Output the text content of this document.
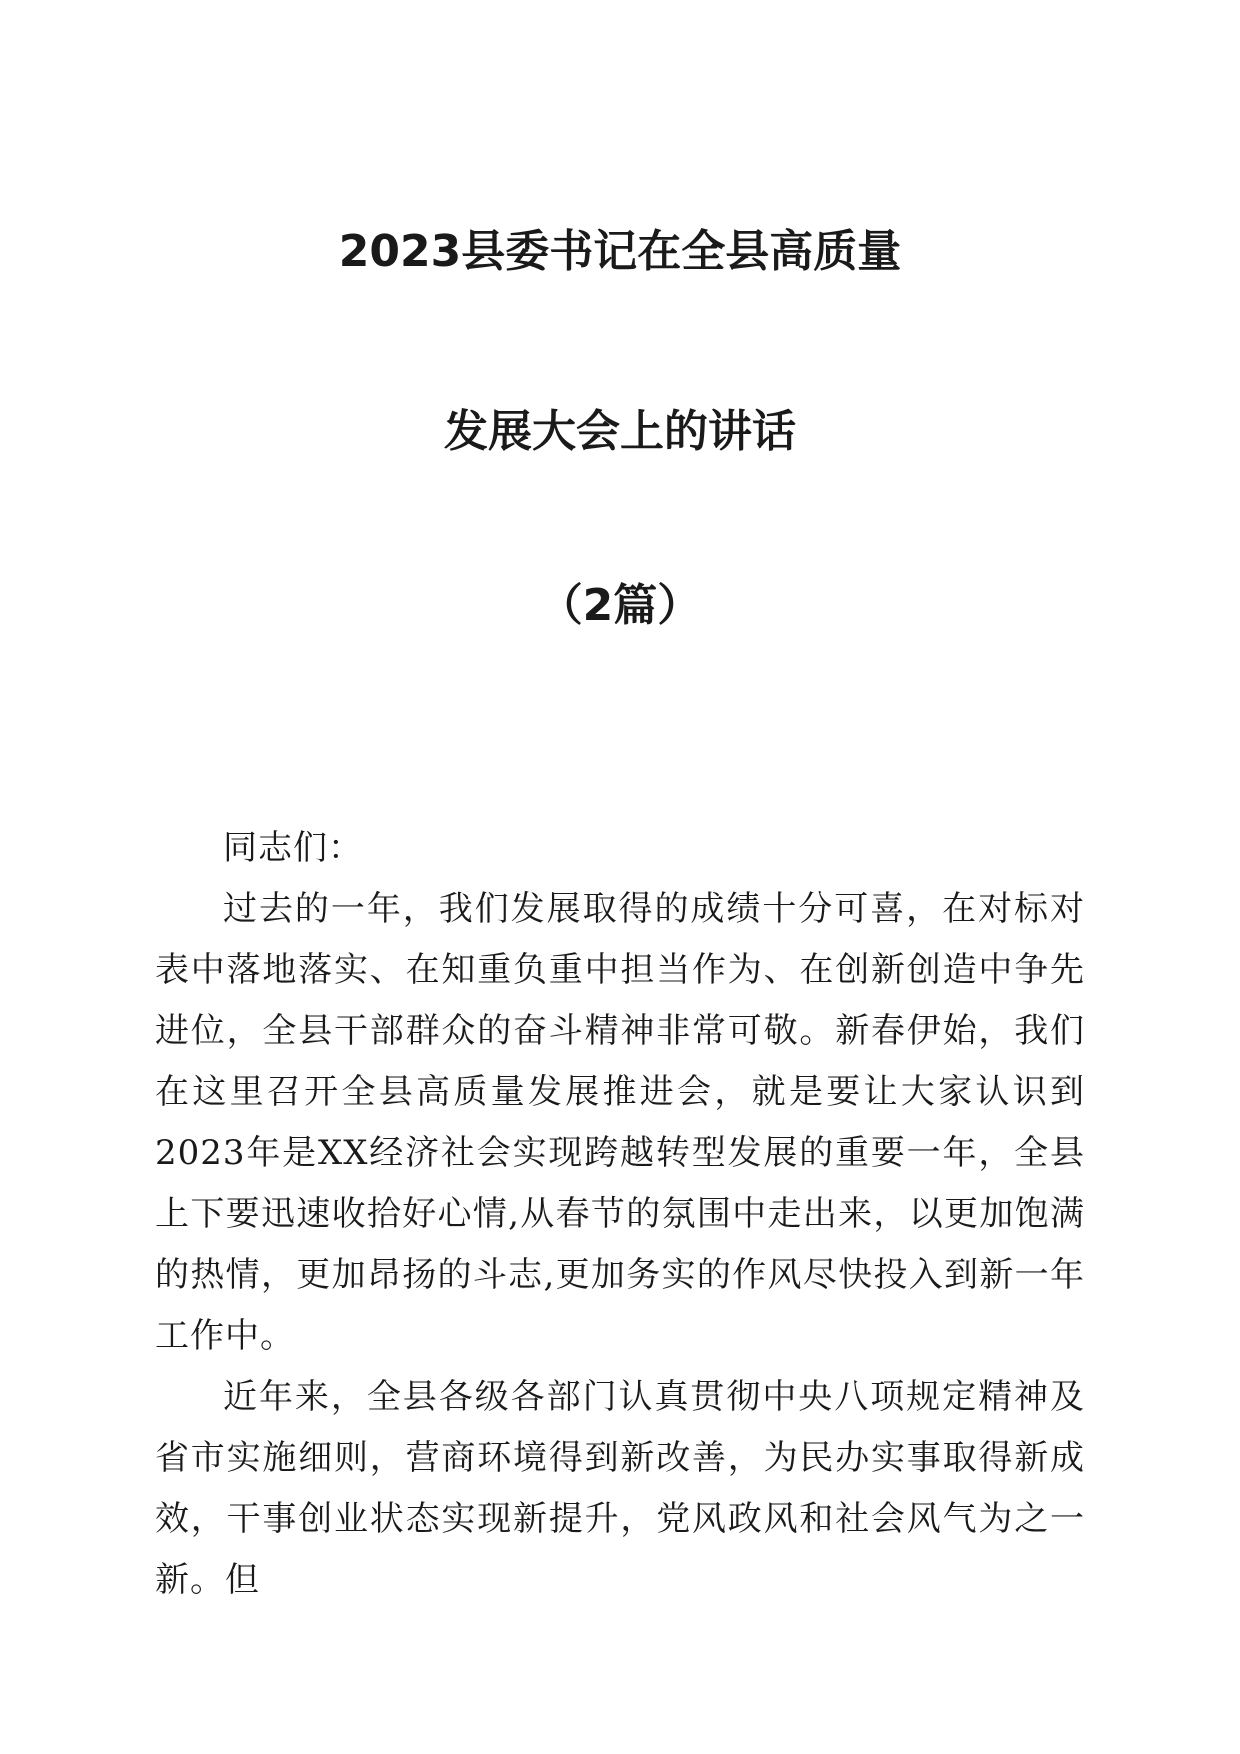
2023县委书记在全县高质量
发展大会上的讲话
（2篇）

同志们：

过去的一年，我们发展取得的成绩十分可喜，在对标对表中落地落实、在知重负重中担当作为、在创新创造中争先进位，全县干部群众的奋斗精神非常可敬。新春伊始，我们在这里召开全县高质量发展推进会，就是要让大家认识到2023年是XX经济社会实现跨越转型发展的重要一年，全县上下要迅速收拾好心情,从春节的氛围中走出来，以更加饱满的热情，更加昂扬的斗志,更加务实的作风尽快投入到新一年工作中。

近年来，全县各级各部门认真贯彻中央八项规定精神及省市实施细则，营商环境得到新改善，为民办实事取得新成效，干事创业状态实现新提升，党风政风和社会风气为之一新。但
